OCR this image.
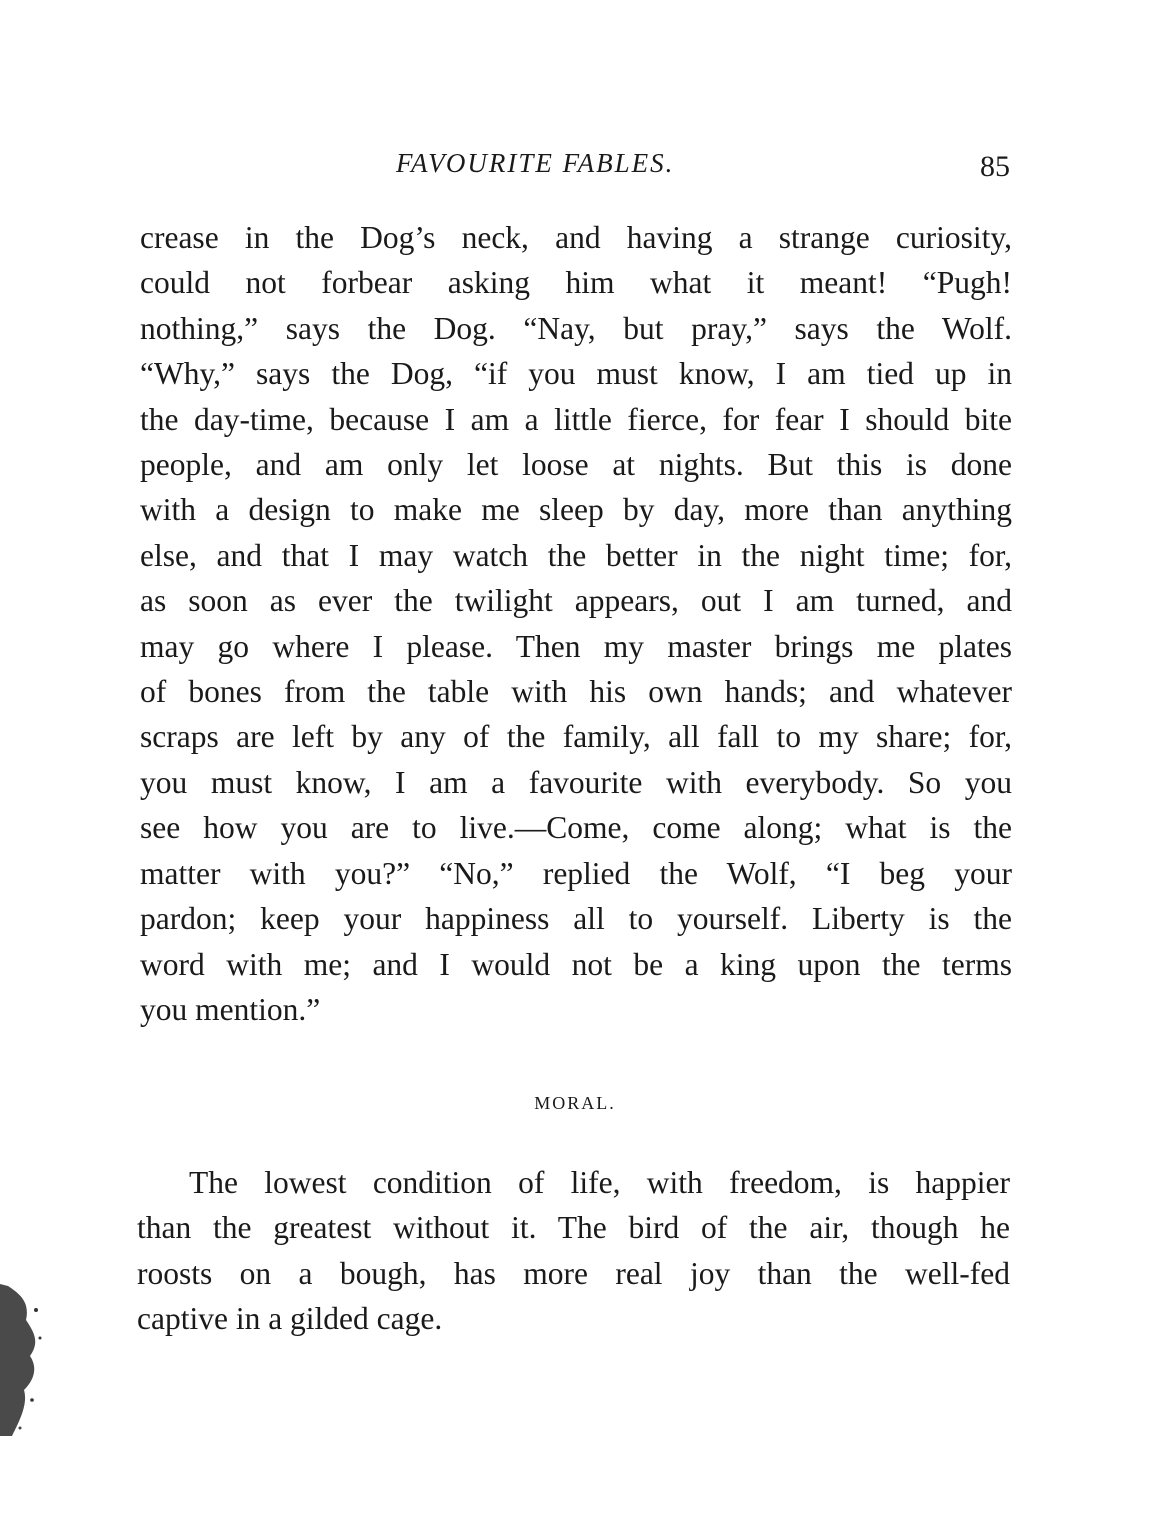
FAVOURITE FABLES.	85
crease in the Dog’s neck, and having a strange curiosity,
could not forbear asking him what it meant! “Pugh!
nothing,” says the Dog. “Nay, but pray,” says the Wolf.
“Why,” says the Dog, “if you must know, I am tied up in
the day-time, because I am a little fierce, for fear I should bite
people, and am only let loose at nights. But this is done
with a design to make me sleep by day, more than anything
else, and that I may watch the better in the night time; for,
as soon as ever the twilight appears, out I am turned, and
may go where I please. Then my master brings me plates
of bones from the table with his own hands; and whatever
scraps are left by any of the family, all fall to my share; for,
you must know, I am a favourite with everybody. So you
see how you are to live.—Come, come along; what is the
matter with you?” “No,” replied the Wolf, “I beg your
pardon; keep your happiness all to yourself. Liberty is the
word with me; and I would not be a king upon the terms
you mention.”
MORAL.
The lowest condition of life, with freedom, is happier
than the greatest without it. The bird of the air, though he
roosts on a bough, has more real joy than the well-fed
captive in a gilded cage.
